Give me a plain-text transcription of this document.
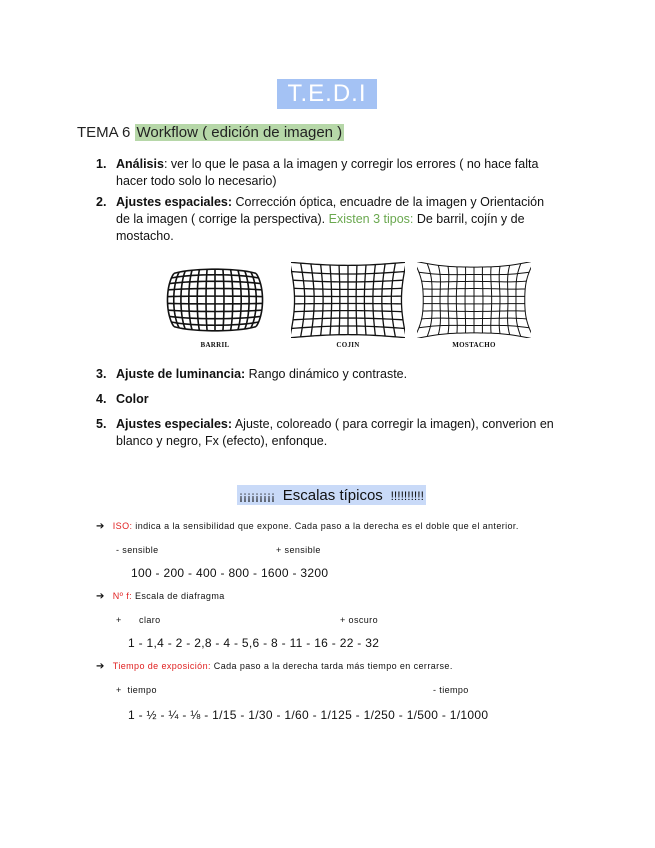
T.E.D.I
TEMA 6 Workflow ( edición de imagen )
1. Análisis: ver lo que le pasa a la imagen y corregir los errores ( no hace falta hacer todo solo lo necesario)
2. Ajustes espaciales: Corrección óptica, encuadre de la imagen y Orientación de la imagen ( corrige la perspectiva). Existen 3 tipos: De barril, cojín y de mostacho.
BARRIL	COJIN	MOSTACHO
3. Ajuste de luminancia: Rango dinámico y contraste.
4. Color
5. Ajustes especiales: Ajuste, coloreado ( para corregir la imagen), converion en blanco y negro, Fx (efecto), enfonque.
¡¡¡¡¡¡¡¡¡ Escalas típicos !!!!!!!!!!
➔ ISO: indica a la sensibilidad que expone. Cada paso a la derecha es el doble que el anterior.
- sensible	+ sensible
100 - 200 - 400 - 800 - 1600 - 3200
➔ Nº f: Escala de diafragma
+      claro	+ oscuro
1 - 1,4 - 2 - 2,8 - 4 - 5,6 - 8 - 11 - 16 - 22 - 32
➔ Tiempo de exposición: Cada paso a la derecha tarda más tiempo en cerrarse.
+  tiempo	- tiempo
1 - ½ - ¼ - ⅛ - 1/15 - 1/30 - 1/60 - 1/125 - 1/250 - 1/500 - 1/1000
